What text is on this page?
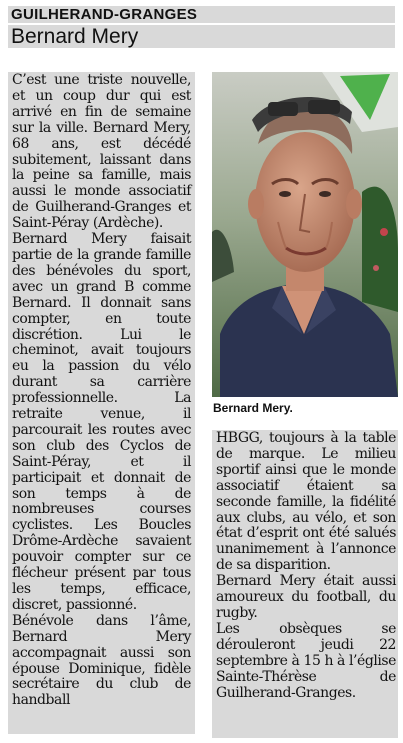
GUILHERAND-GRANGES
Bernard Mery

C’est une triste nouvelle, et un coup dur qui est arrivé en fin de semaine sur la ville. Bernard Mery, 68 ans, est décédé subitement, laissant dans la peine sa famille, mais aussi le monde associatif de Guilherand-Granges et Saint-Péray (Ardèche).

Bernard Mery faisait partie de la grande famille des bénévoles du sport, avec un grand B comme Bernard. Il donnait sans compter, en toute discrétion. Lui le cheminot, avait toujours eu la passion du vélo durant sa carrière professionnelle. La retraite venue, il parcourait les routes avec son club des Cyclos de Saint-Péray, et il participait et donnait de son temps à de nombreuses courses cyclistes. Les Boucles Drôme-Ardèche savaient pouvoir compter sur ce flécheur présent par tous les temps, efficace, discret, passionné.

Bénévole dans l’âme, Bernard Mery accompagnait aussi son épouse Dominique, fidèle secrétaire du club de handball

Bernard Mery.

HBGG, toujours à la table de marque. Le milieu sportif ainsi que le monde associatif étaient sa seconde famille, la fidélité aux clubs, au vélo, et son état d’esprit ont été salués unanimement à l’annonce de sa disparition.

Bernard Mery était aussi amoureux du football, du rugby.

Les obsèques se dérouleront jeudi 22 septembre à 15 h à l’église Sainte-Thérèse de Guilherand-Granges.
